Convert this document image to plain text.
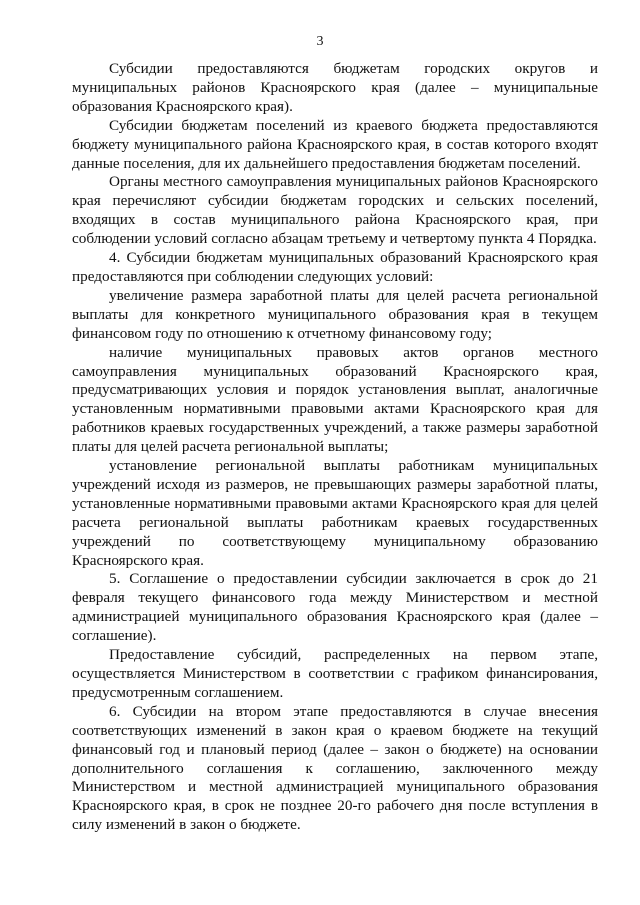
3

Субсидии предоставляются бюджетам городских округов и муниципальных районов Красноярского края (далее – муниципальные образования Красноярского края).

Субсидии бюджетам поселений из краевого бюджета предоставляются бюджету муниципального района Красноярского края, в состав которого входят данные поселения, для их дальнейшего предоставления бюджетам поселений.

Органы местного самоуправления муниципальных районов Красноярского края перечисляют субсидии бюджетам городских и сельских поселений, входящих в состав муниципального района Красноярского края, при соблюдении условий согласно абзацам третьему и четвертому пункта 4 Порядка.

4. Субсидии бюджетам муниципальных образований Красноярского края предоставляются при соблюдении следующих условий:

увеличение размера заработной платы для целей расчета региональной выплаты для конкретного муниципального образования края в текущем финансовом году по отношению к отчетному финансовому году;

наличие муниципальных правовых актов органов местного самоуправления муниципальных образований Красноярского края, предусматривающих условия и порядок установления выплат, аналогичные установленным нормативными правовыми актами Красноярского края для работников краевых государственных учреждений, а также размеры заработной платы для целей расчета региональной выплаты;

установление региональной выплаты работникам муниципальных учреждений исходя из размеров, не превышающих размеры заработной платы, установленные нормативными правовыми актами Красноярского края для целей расчета региональной выплаты работникам краевых государственных учреждений по соответствующему муниципальному образованию Красноярского края.

5. Соглашение о предоставлении субсидии заключается в срок до 21 февраля текущего финансового года между Министерством и местной администрацией муниципального образования Красноярского края (далее – соглашение).

Предоставление субсидий, распределенных на первом этапе, осуществляется Министерством в соответствии с графиком финансирования, предусмотренным соглашением.

6. Субсидии на втором этапе предоставляются в случае внесения соответствующих изменений в закон края о краевом бюджете на текущий финансовый год и плановый период (далее – закон о бюджете) на основании дополнительного соглашения к соглашению, заключенного между Министерством и местной администрацией муниципального образования Красноярского края, в срок не позднее 20-го рабочего дня после вступления в силу изменений в закон о бюджете.
